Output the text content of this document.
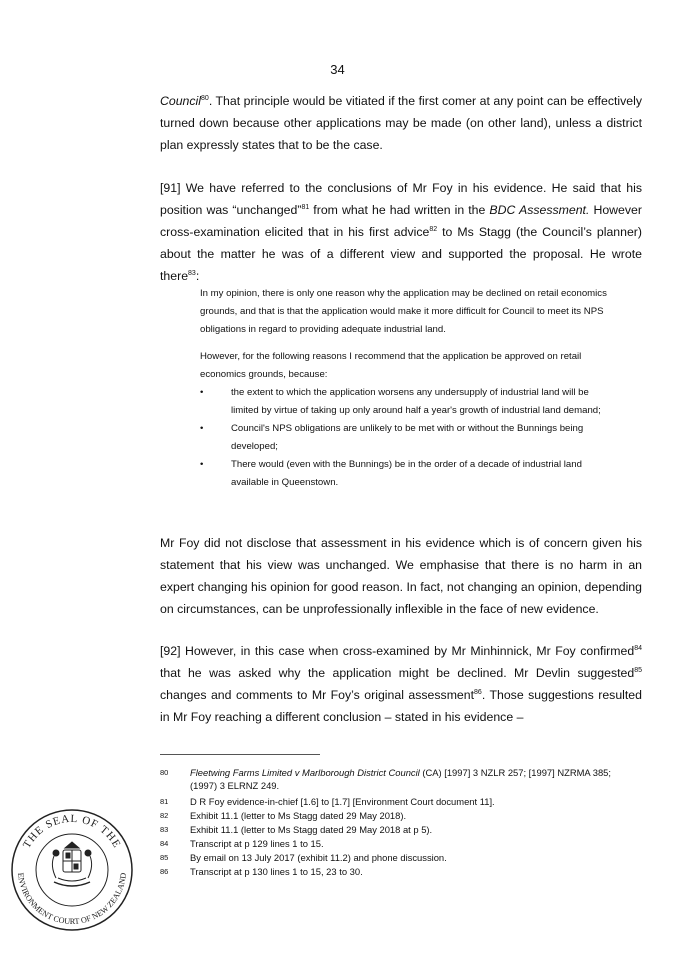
34
Council$^{80}$. That principle would be vitiated if the first comer at any point can be effectively turned down because other applications may be made (on other land), unless a district plan expressly states that to be the case.
[91] We have referred to the conclusions of Mr Foy in his evidence. He said that his position was “unchanged”$^{81}$ from what he had written in the BDC Assessment. However cross-examination elicited that in his first advice$^{82}$ to Ms Stagg (the Council’s planner) about the matter he was of a different view and supported the proposal. He wrote there$^{83}$:
In my opinion, there is only one reason why the application may be declined on retail economics grounds, and that is that the application would make it more difficult for Council to meet its NPS obligations in regard to providing adequate industrial land.
However, for the following reasons I recommend that the application be approved on retail economics grounds, because:
•	the extent to which the application worsens any undersupply of industrial land will be limited by virtue of taking up only around half a year's growth of industrial land demand;
•	Council's NPS obligations are unlikely to be met with or without the Bunnings being developed;
•	There would (even with the Bunnings) be in the order of a decade of industrial land available in Queenstown.
Mr Foy did not disclose that assessment in his evidence which is of concern given his statement that his view was unchanged. We emphasise that there is no harm in an expert changing his opinion for good reason. In fact, not changing an opinion, depending on circumstances, can be unprofessionally inflexible in the face of new evidence.
[92] However, in this case when cross-examined by Mr Minhinnick, Mr Foy confirmed$^{84}$ that he was asked why the application might be declined. Mr Devlin suggested$^{85}$ changes and comments to Mr Foy’s original assessment$^{86}$. Those suggestions resulted in Mr Foy reaching a different conclusion – stated in his evidence –
80 Fleetwing Farms Limited v Marlborough District Council (CA) [1997] 3 NZLR 257; [1997] NZRMA 385; (1997) 3 ELRNZ 249.
81 D R Foy evidence-in-chief [1.6] to [1.7] [Environment Court document 11].
82 Exhibit 11.1 (letter to Ms Stagg dated 29 May 2018).
83 Exhibit 11.1 (letter to Ms Stagg dated 29 May 2018 at p 5).
84 Transcript at p 129 lines 1 to 15.
85 By email on 13 July 2017 (exhibit 11.2) and phone discussion.
86 Transcript at p 130 lines 1 to 15, 23 to 30.
THE SEAL OF THE
ENVIRONMENT COURT OF NEW ZEALAND
